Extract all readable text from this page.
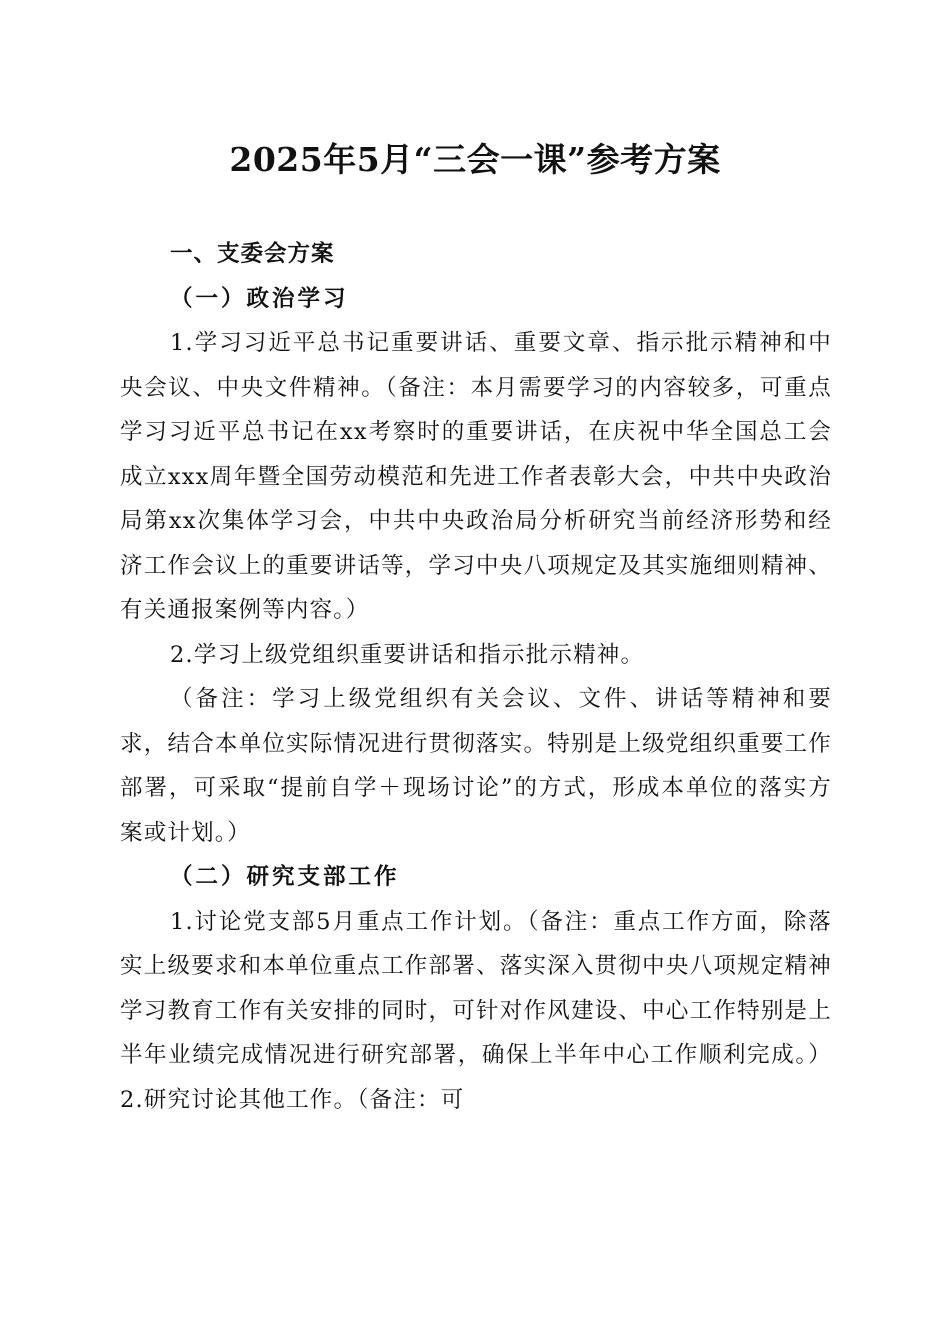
2025年5月“三会一课”参考方案

一、支委会方案

（一）政治学习

1.学习习近平总书记重要讲话、重要文章、指示批示精神和中央会议、中央文件精神。（备注：本月需要学习的内容较多，可重点学习习近平总书记在xx考察时的重要讲话，在庆祝中华全国总工会成立xxx周年暨全国劳动模范和先进工作者表彰大会，中共中央政治局第xx次集体学习会，中共中央政治局分析研究当前经济形势和经济工作会议上的重要讲话等，学习中央八项规定及其实施细则精神、有关通报案例等内容。）

2.学习上级党组织重要讲话和指示批示精神。

（备注：学习上级党组织有关会议、文件、讲话等精神和要求，结合本单位实际情况进行贯彻落实。特别是上级党组织重要工作部署，可采取“提前自学＋现场讨论”的方式，形成本单位的落实方案或计划。）

（二）研究支部工作

1.讨论党支部5月重点工作计划。（备注：重点工作方面，除落实上级要求和本单位重点工作部署、落实深入贯彻中央八项规定精神学习教育工作有关安排的同时，可针对作风建设、中心工作特别是上半年业绩完成情况进行研究部署，确保上半年中心工作顺利完成。）2.研究讨论其他工作。（备注：可
